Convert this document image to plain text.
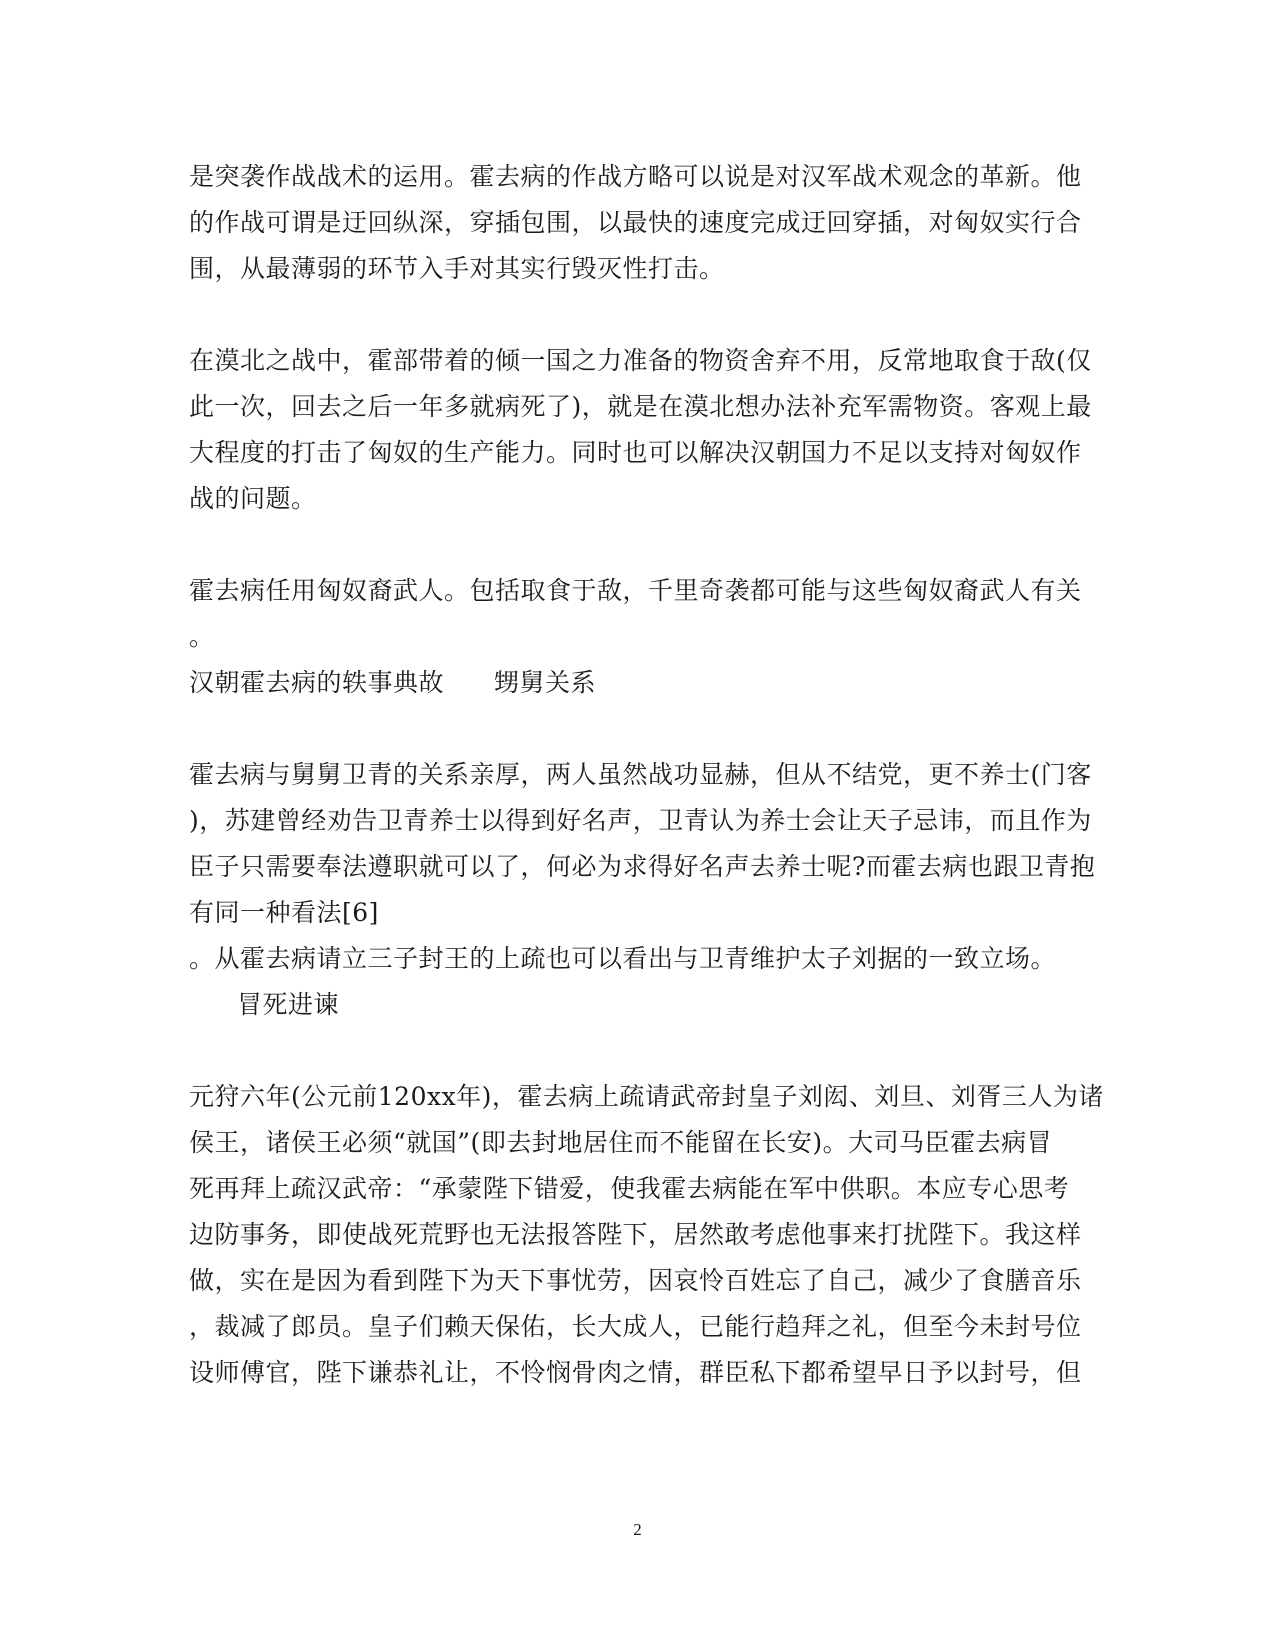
是突袭作战战术的运用。霍去病的作战方略可以说是对汉军战术观念的革新。他
的作战可谓是迂回纵深，穿插包围，以最快的速度完成迂回穿插，对匈奴实行合
围，从最薄弱的环节入手对其实行毁灭性打击。
在漠北之战中，霍部带着的倾一国之力准备的物资舍弃不用，反常地取食于敌(仅
此一次，回去之后一年多就病死了)，就是在漠北想办法补充军需物资。客观上最
大程度的打击了匈奴的生产能力。同时也可以解决汉朝国力不足以支持对匈奴作
战的问题。
霍去病任用匈奴裔武人。包括取食于敌，千里奇袭都可能与这些匈奴裔武人有关
。
汉朝霍去病的轶事典故 甥舅关系
霍去病与舅舅卫青的关系亲厚，两人虽然战功显赫，但从不结党，更不养士(门客
)，苏建曾经劝告卫青养士以得到好名声，卫青认为养士会让天子忌讳，而且作为
臣子只需要奉法遵职就可以了，何必为求得好名声去养士呢?而霍去病也跟卫青抱
有同一种看法[6]
。从霍去病请立三子封王的上疏也可以看出与卫青维护太子刘据的一致立场。
冒死进谏
元狩六年(公元前120xx年)，霍去病上疏请武帝封皇子刘闳、刘旦、刘胥三人为诸
侯王，诸侯王必须“就国”(即去封地居住而不能留在长安)。大司马臣霍去病冒
死再拜上疏汉武帝：“承蒙陛下错爱，使我霍去病能在军中供职。本应专心思考
边防事务，即使战死荒野也无法报答陛下，居然敢考虑他事来打扰陛下。我这样
做，实在是因为看到陛下为天下事忧劳，因哀怜百姓忘了自己，减少了食膳音乐
，裁减了郎员。皇子们赖天保佑，长大成人，已能行趋拜之礼，但至今未封号位
设师傅官，陛下谦恭礼让，不怜悯骨肉之情，群臣私下都希望早日予以封号，但
2
